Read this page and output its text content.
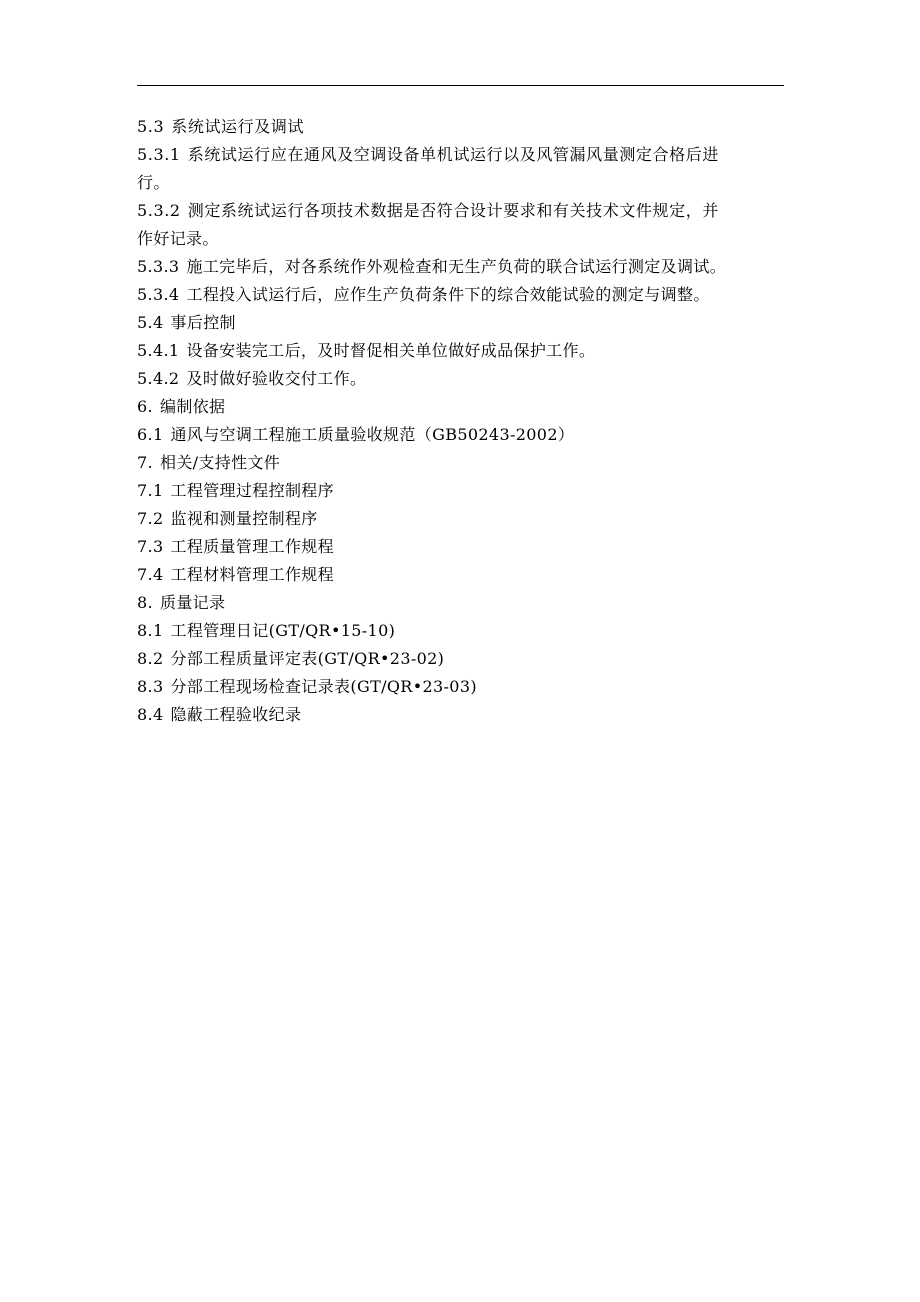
5.3 系统试运行及调试
5.3.1 系统试运行应在通风及空调设备单机试运行以及风管漏风量测定合格后进
行。
5.3.2 测定系统试运行各项技术数据是否符合设计要求和有关技术文件规定，并
作好记录。
5.3.3 施工完毕后，对各系统作外观检查和无生产负荷的联合试运行测定及调试。
5.3.4 工程投入试运行后，应作生产负荷条件下的综合效能试验的测定与调整。
5.4 事后控制
5.4.1 设备安装完工后，及时督促相关单位做好成品保护工作。
5.4.2 及时做好验收交付工作。
6. 编制依据
6.1 通风与空调工程施工质量验收规范（GB50243-2002）
7. 相关/支持性文件
7.1 工程管理过程控制程序
7.2 监视和测量控制程序
7.3 工程质量管理工作规程
7.4 工程材料管理工作规程
8. 质量记录
8.1 工程管理日记(GT/QR•15-10)
8.2 分部工程质量评定表(GT/QR•23-02)
8.3 分部工程现场检查记录表(GT/QR•23-03)
8.4 隐蔽工程验收纪录
